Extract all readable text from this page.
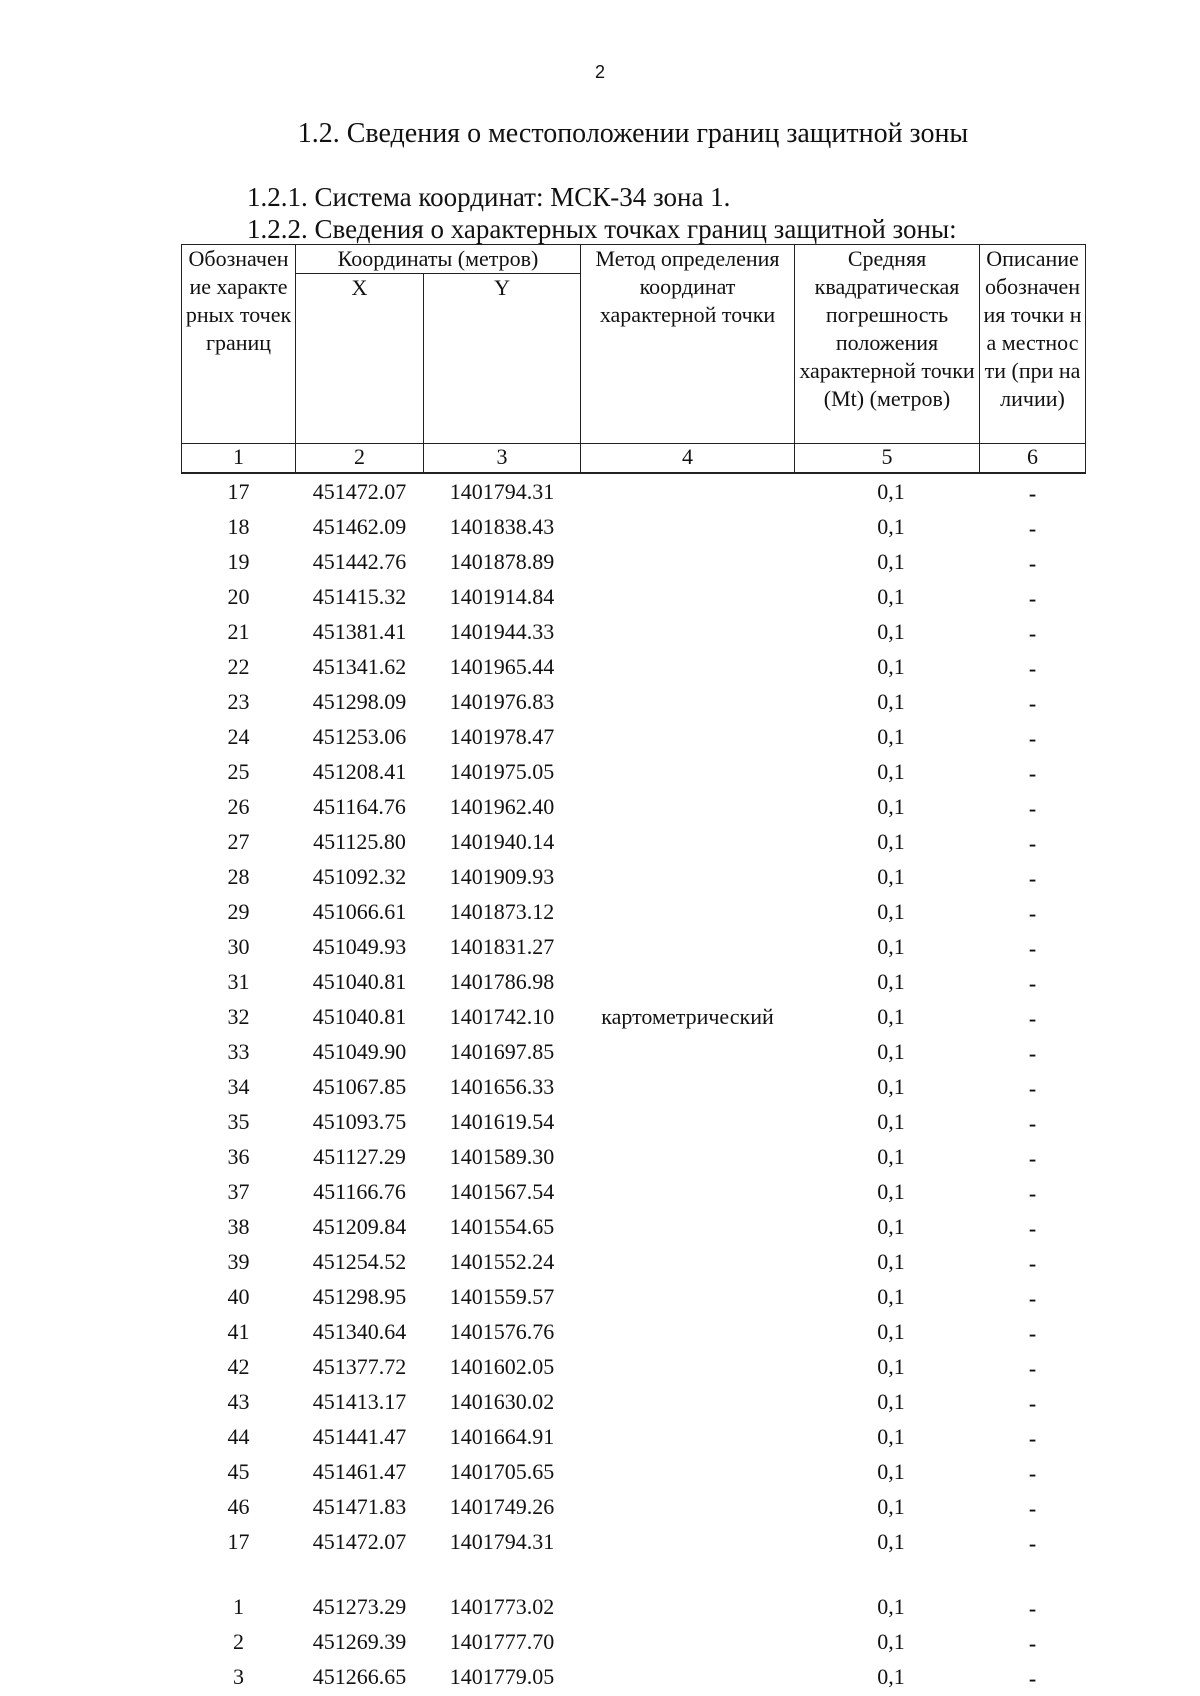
2
1.2. Сведения о местоположении границ защитной зоны
1.2.1. Система координат: МСК-34 зона 1.
1.2.2. Сведения о характерных точках границ защитной зоны:
Обозначение характерных точек границ	Координаты (метров)		Метод определения координат характерной точки	Средняя квадратическая погрешность положения характерной точки (Mt) (метров)	Описание обозначения точки на местности (при наличии)
	X	Y			
1	2	3	4	5	6
17	451472.07	1401794.31		0,1	-
18	451462.09	1401838.43		0,1	-
19	451442.76	1401878.89		0,1	-
20	451415.32	1401914.84		0,1	-
21	451381.41	1401944.33		0,1	-
22	451341.62	1401965.44		0,1	-
23	451298.09	1401976.83		0,1	-
24	451253.06	1401978.47		0,1	-
25	451208.41	1401975.05		0,1	-
26	451164.76	1401962.40		0,1	-
27	451125.80	1401940.14		0,1	-
28	451092.32	1401909.93		0,1	-
29	451066.61	1401873.12		0,1	-
30	451049.93	1401831.27		0,1	-
31	451040.81	1401786.98		0,1	-
32	451040.81	1401742.10	картометрический	0,1	-
33	451049.90	1401697.85		0,1	-
34	451067.85	1401656.33		0,1	-
35	451093.75	1401619.54		0,1	-
36	451127.29	1401589.30		0,1	-
37	451166.76	1401567.54		0,1	-
38	451209.84	1401554.65		0,1	-
39	451254.52	1401552.24		0,1	-
40	451298.95	1401559.57		0,1	-
41	451340.64	1401576.76		0,1	-
42	451377.72	1401602.05		0,1	-
43	451413.17	1401630.02		0,1	-
44	451441.47	1401664.91		0,1	-
45	451461.47	1401705.65		0,1	-
46	451471.83	1401749.26		0,1	-
17	451472.07	1401794.31		0,1	-

1	451273.29	1401773.02		0,1	-
2	451269.39	1401777.70		0,1	-
3	451266.65	1401779.05		0,1	-
